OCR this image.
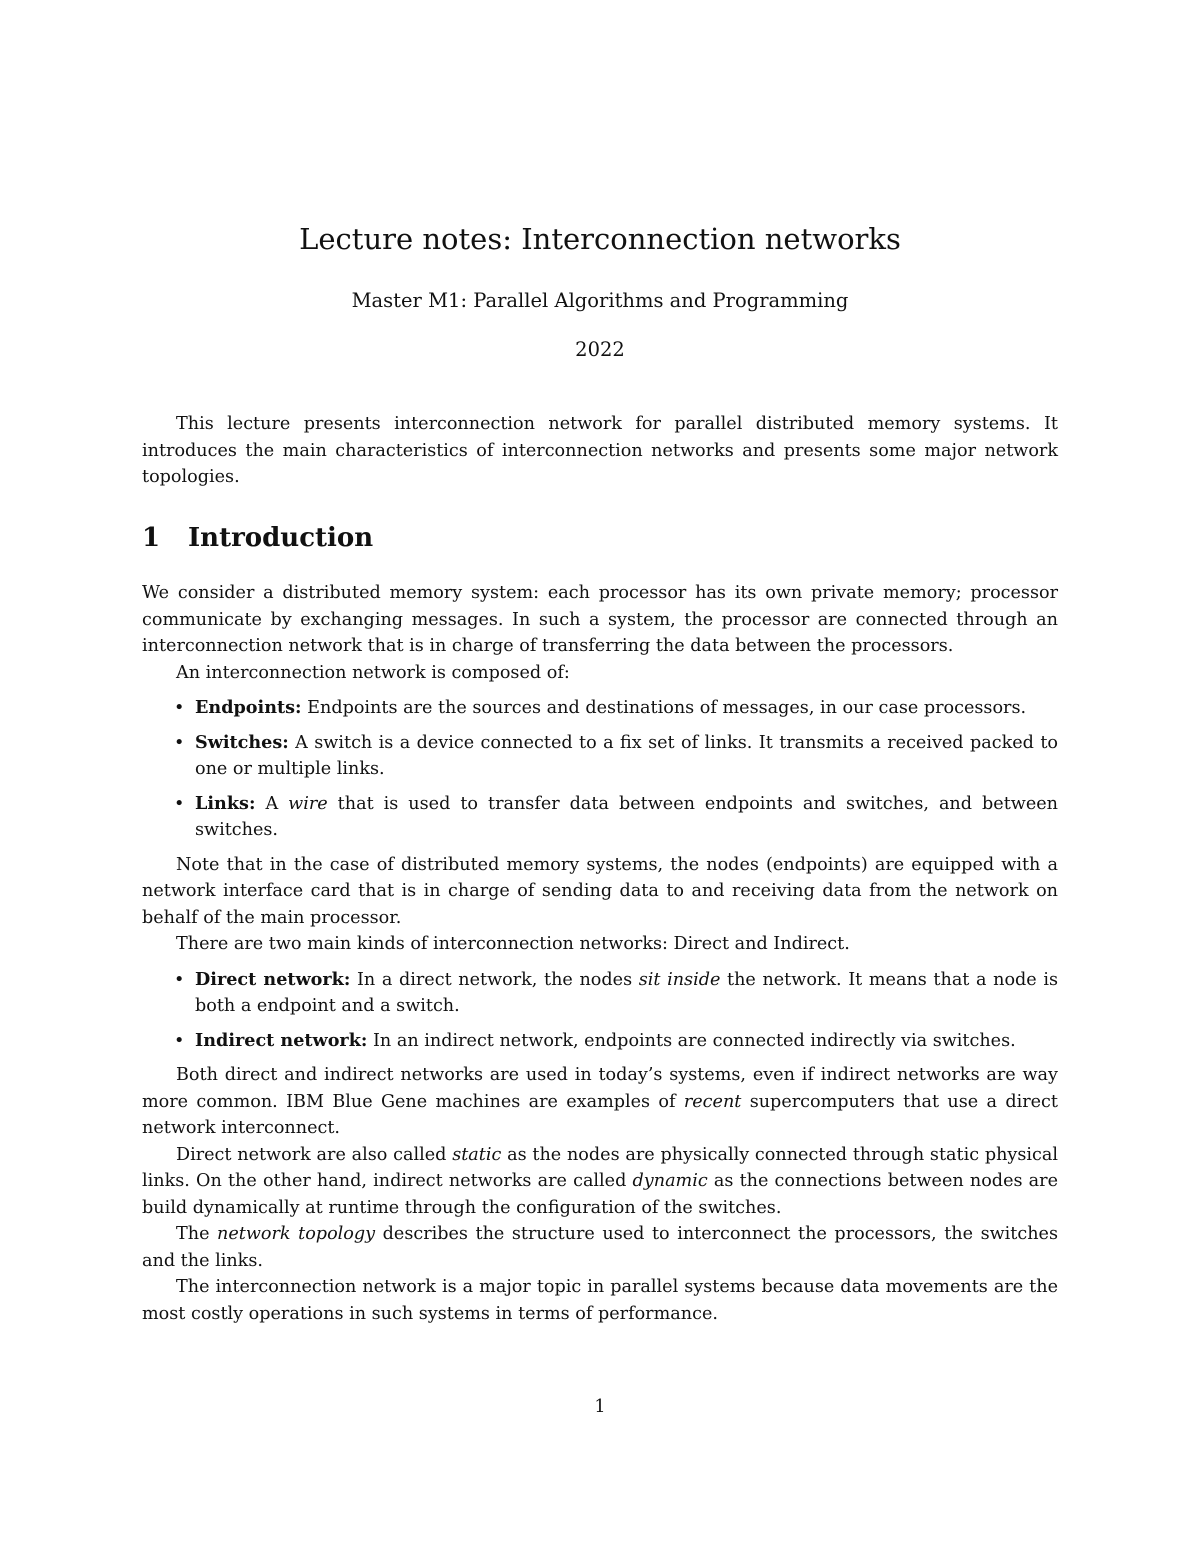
Lecture notes: Interconnection networks
Master M1: Parallel Algorithms and Programming
2022

This lecture presents interconnection network for parallel distributed memory systems. It introduces the main characteristics of interconnection networks and presents some major network topologies.

1 Introduction

We consider a distributed memory system: each processor has its own private memory; processor communicate by exchanging messages. In such a system, the processor are connected through an interconnection network that is in charge of transferring the data between the processors.

An interconnection network is composed of:

• Endpoints: Endpoints are the sources and destinations of messages, in our case processors.
• Switches: A switch is a device connected to a fix set of links. It transmits a received packed to one or multiple links.
• Links: A wire that is used to transfer data between endpoints and switches, and between switches.

Note that in the case of distributed memory systems, the nodes (endpoints) are equipped with a network interface card that is in charge of sending data to and receiving data from the network on behalf of the main processor.

There are two main kinds of interconnection networks: Direct and Indirect.

• Direct network: In a direct network, the nodes sit inside the network. It means that a node is both a endpoint and a switch.
• Indirect network: In an indirect network, endpoints are connected indirectly via switches.

Both direct and indirect networks are used in today’s systems, even if indirect networks are way more common. IBM Blue Gene machines are examples of recent supercomputers that use a direct network interconnect.

Direct network are also called static as the nodes are physically connected through static physical links. On the other hand, indirect networks are called dynamic as the connections between nodes are build dynamically at runtime through the configuration of the switches.

The network topology describes the structure used to interconnect the processors, the switches and the links.

The interconnection network is a major topic in parallel systems because data movements are the most costly operations in such systems in terms of performance.

1
